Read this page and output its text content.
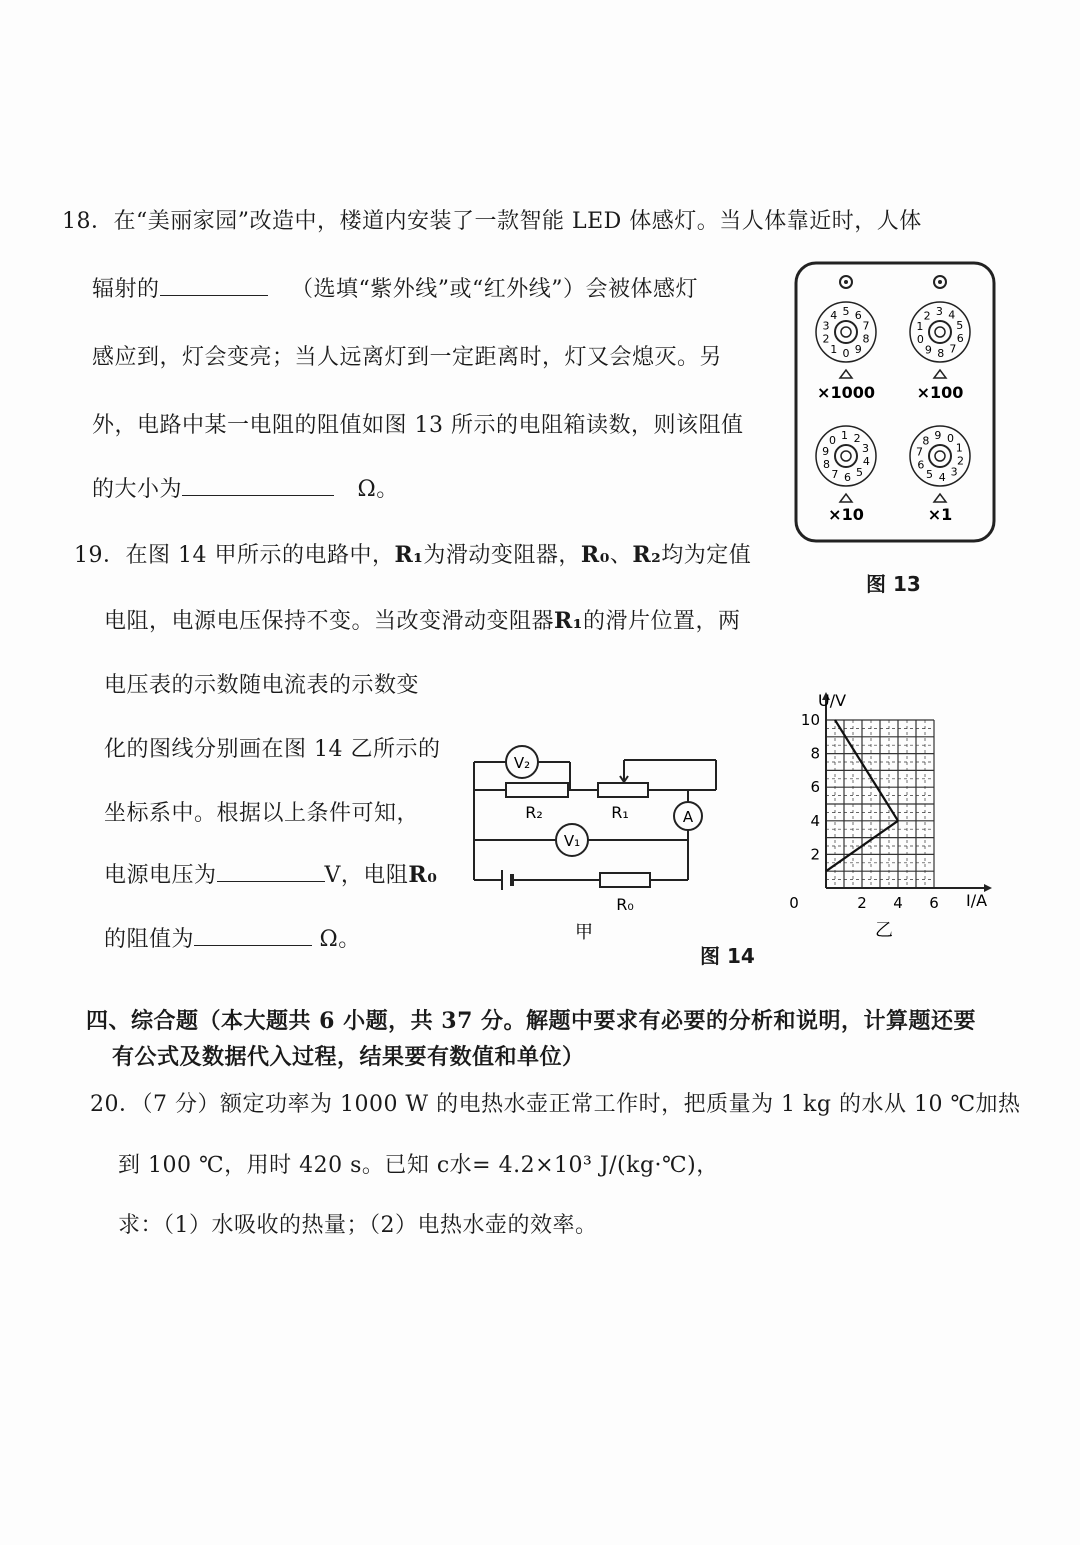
18．在“美丽家园”改造中，楼道内安装了一款智能 LED 体感灯。当人体靠近时，人体
辐射的	（选填“紫外线”或“红外线”）会被体感灯
感应到，灯会变亮；当人远离灯到一定距离时，灯又会熄灭。另
外，电路中某一电阻的阻值如图 13 所示的电阻箱读数，则该阻值
的大小为	Ω。
0
1
2
3
4 5 6
7
8
9
0
1
2 3 4
5
6
7
8
9
0 1 2
3
4
5
6
7
8
9
0
1
2
3
4
5
6
7
8 9
×1000	×100
×10	×1
图 13
19．在图 14 甲所示的电路中，R₁为滑动变阻器，R₀、R₂均为定值
电阻，电源电压保持不变。当改变滑动变阻器R₁的滑片位置，两
电压表的示数随电流表的示数变
化的图线分别画在图 14 乙所示的
坐标系中。根据以上条件可知，
电源电压为	V，电阻R₀
的阻值为	Ω。
V₂
R₂	R₁	A
V₁
R₀
甲
0	2 4 6
2
4
6
8
10
U/V
I/A
乙
图 14
四、综合题（本大题共 6 小题，共 37 分。解题中要求有必要的分析和说明，计算题还要
有公式及数据代入过程，结果要有数值和单位）
20．（7 分）额定功率为 1000 W 的电热水壶正常工作时，把质量为 1 kg 的水从 10 ℃加热
到 100 ℃，用时 420 s。已知 c水= 4.2×10³ J/(kg·℃)，
求：（1）水吸收的热量；（2）电热水壶的效率。
